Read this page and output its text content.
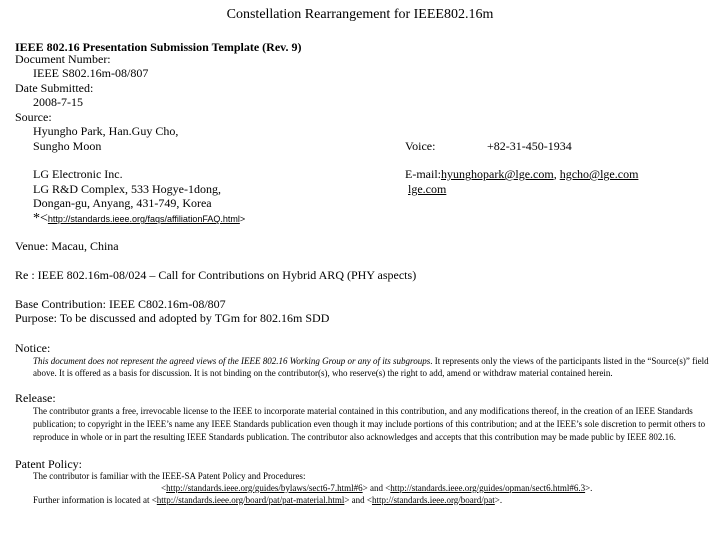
Constellation Rearrangement for IEEE802.16m
IEEE 802.16 Presentation Submission Template (Rev. 9)
Document Number:
IEEE S802.16m-08/807
Date Submitted:
2008-7-15
Source:
Hyungho Park, Han.Guy Cho,
Sungho Moon	Voice:	+82-31-450-1934
LG Electronic Inc.
LG R&D Complex, 533 Hogye-1dong,
Dongan-gu, Anyang, 431-749, Korea
E-mail:hyunghopark@lge.com, hgcho@lge.com
lge.com
*<http://standards.ieee.org/faqs/affiliationFAQ.html>
Venue: Macau, China
Re : IEEE 802.16m-08/024 – Call for Contributions on Hybrid ARQ (PHY aspects)
Base Contribution: IEEE C802.16m-08/807
Purpose: To be discussed and adopted by TGm for 802.16m SDD
Notice:
This document does not represent the agreed views of the IEEE 802.16 Working Group or any of its subgroups. It represents only the views of the participants listed in the “Source(s)” field above. It is offered as a basis for discussion. It is not binding on the contributor(s), who reserve(s) the right to add, amend or withdraw material contained herein.
Release:
The contributor grants a free, irrevocable license to the IEEE to incorporate material contained in this contribution, and any modifications thereof, in the creation of an IEEE Standards publication; to copyright in the IEEE’s name any IEEE Standards publication even though it may include portions of this contribution; and at the IEEE’s sole discretion to permit others to reproduce in whole or in part the resulting IEEE Standards publication. The contributor also acknowledges and accepts that this contribution may be made public by IEEE 802.16.
Patent Policy:
The contributor is familiar with the IEEE-SA Patent Policy and Procedures:
<http://standards.ieee.org/guides/bylaws/sect6-7.html#6> and <http://standards.ieee.org/guides/opman/sect6.html#6.3>.
Further information is located at <http://standards.ieee.org/board/pat/pat-material.html> and <http://standards.ieee.org/board/pat>.
